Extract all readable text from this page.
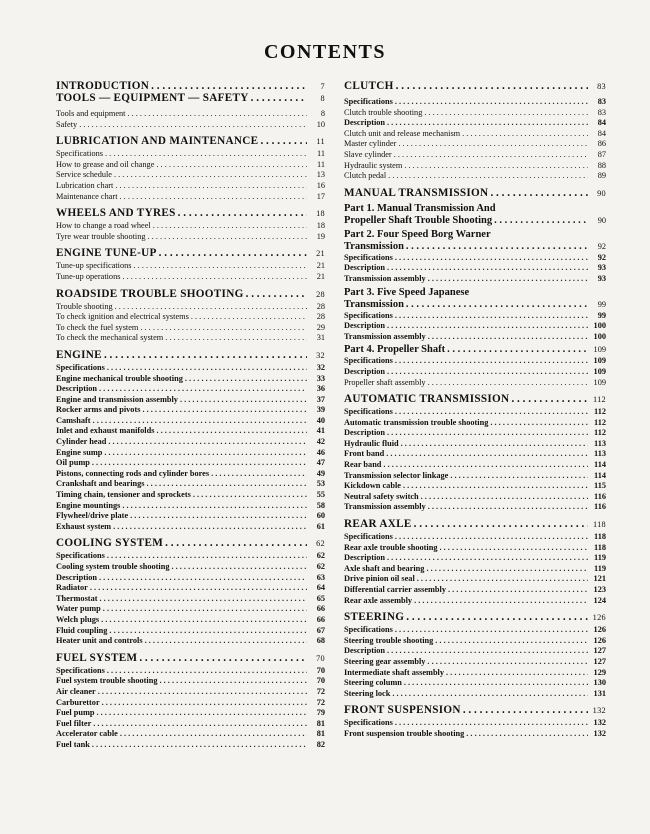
CONTENTS
INTRODUCTION . . .	7
TOOLS — EQUIPMENT — SAFETY . . .	8
Tools and equipment . . .	8
Safety . . .	10
LUBRICATION AND MAINTENANCE . . .	11
Specifications . . .	11
How to grease and oil change . . .	11
Service schedule . . .	13
Lubrication chart . . .	16
Maintenance chart . . .	17
WHEELS AND TYRES . . .	18
How to change a road wheel . . .	18
Tyre wear trouble shooting . . .	19
ENGINE TUNE-UP . . .	21
Tune-up specifications . . .	21
Tune-up operations . . .	21
ROADSIDE TROUBLE SHOOTING . . .	28
Trouble shooting . . .	28
To check ignition and electrical systems . . .	28
To check the fuel system . . .	29
To check the mechanical system . . .	31
ENGINE . . .	32
Specifications . . .	32
Engine mechanical trouble shooting . . .	33
Description . . .	36
Engine and transmission assembly . . .	37
Rocker arms and pivots . . .	39
Camshaft . . .	40
Inlet and exhaust manifolds . . .	41
Cylinder head . . .	42
Engine sump . . .	46
Oil pump . . .	47
Pistons, connecting rods and cylinder bores . . .	49
Crankshaft and bearings . . .	53
Timing chain, tensioner and sprockets . . .	55
Engine mountings . . .	58
Flywheel/drive plate . . .	60
Exhaust system . . .	61
COOLING SYSTEM . . .	62
Specifications . . .	62
Cooling system trouble shooting . . .	62
Description . . .	63
Radiator . . .	64
Thermostat . . .	65
Water pump . . .	66
Welch plugs . . .	66
Fluid coupling . . .	67
Heater unit and controls . . .	68
FUEL SYSTEM . . .	70
Specifications . . .	70
Fuel system trouble shooting . . .	70
Air cleaner . . .	72
Carburettor . . .	72
Fuel pump . . .	79
Fuel filter . . .	81
Accelerator cable . . .	81
Fuel tank . . .	82
CLUTCH . . .	83
Specifications . . .	83
Clutch trouble shooting . . .	83
Description . . .	84
Clutch unit and release mechanism . . .	84
Master cylinder . . .	86
Slave cylinder . . .	87
Hydraulic system . . .	88
Clutch pedal . . .	89
MANUAL TRANSMISSION . . .	90
Part 1. Manual Transmission And
Propeller Shaft Trouble Shooting . . .	90
Part 2. Four Speed Borg Warner
Transmission . . .	92
Specifications . . .	92
Description . . .	93
Transmission assembly . . .	93
Part 3. Five Speed Japanese
Transmission . . .	99
Specifications . . .	99
Description . . .	100
Transmission assembly . . .	100
Part 4. Propeller Shaft . . .	109
Specifications . . .	109
Description . . .	109
Propeller shaft assembly . . .	109
AUTOMATIC TRANSMISSION . . .	112
Specifications . . .	112
Automatic transmission trouble shooting . . .	112
Description . . .	112
Hydraulic fluid . . .	113
Front band . . .	113
Rear band . . .	114
Transmission selector linkage . . .	114
Kickdown cable . . .	115
Neutral safety switch . . .	116
Transmission assembly . . .	116
REAR AXLE . . .	118
Specifications . . .	118
Rear axle trouble shooting . . .	118
Description . . .	119
Axle shaft and bearing . . .	119
Drive pinion oil seal . . .	121
Differential carrier assembly . . .	123
Rear axle assembly . . .	124
STEERING . . .	126
Specifications . . .	126
Steering trouble shooting . . .	126
Description . . .	127
Steering gear assembly . . .	127
Intermediate shaft assembly . . .	129
Steering column . . .	130
Steering lock . . .	131
FRONT SUSPENSION . . .	132
Specifications . . .	132
Front suspension trouble shooting . . .	132
